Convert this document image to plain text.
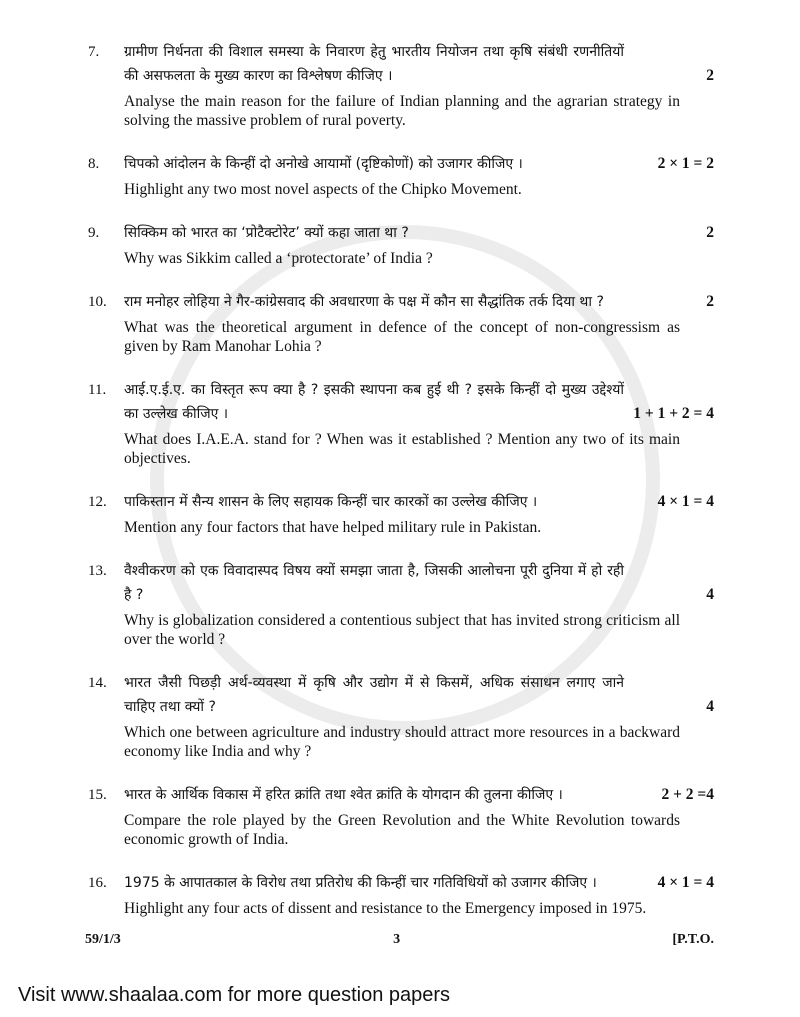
7.	ग्रामीण निर्धनता की विशाल समस्या के निवारण हेतु भारतीय नियोजन तथा कृषि संबंधी रणनीतियों की असफलता के मुख्य कारण का विश्लेषण कीजिए ।	2
Analyse the main reason for the failure of Indian planning and the agrarian strategy in solving the massive problem of rural poverty.
8.	चिपको आंदोलन के किन्हीं दो अनोखे आयामों (दृष्टिकोणों) को उजागर कीजिए ।	2 × 1 = 2
Highlight any two most novel aspects of the Chipko Movement.
9.	सिक्किम को भारत का ‘प्रोटैक्टोरेट’ क्यों कहा जाता था ?	2
Why was Sikkim called a ‘protectorate’ of India ?
10.	राम मनोहर लोहिया ने गैर-कांग्रेसवाद की अवधारणा के पक्ष में कौन सा सैद्धांतिक तर्क दिया था ?	2
What was the theoretical argument in defence of the concept of non-congressism as given by Ram Manohar Lohia ?
11.	आई.ए.ई.ए. का विस्तृत रूप क्या है ? इसकी स्थापना कब हुई थी ? इसके किन्हीं दो मुख्य उद्देश्यों का उल्लेख कीजिए ।	1 + 1 + 2 = 4
What does I.A.E.A. stand for ? When was it established ? Mention any two of its main objectives.
12.	पाकिस्तान में सैन्य शासन के लिए सहायक किन्हीं चार कारकों का उल्लेख कीजिए ।	4 × 1 = 4
Mention any four factors that have helped military rule in Pakistan.
13.	वैश्वीकरण को एक विवादास्पद विषय क्यों समझा जाता है, जिसकी आलोचना पूरी दुनिया में हो रही है ?	4
Why is globalization considered a contentious subject that has invited strong criticism all over the world ?
14.	भारत जैसी पिछड़ी अर्थ-व्यवस्था में कृषि और उद्योग में से किसमें, अधिक संसाधन लगाए जाने चाहिए तथा क्यों ?	4
Which one between agriculture and industry should attract more resources in a backward economy like India and why ?
15.	भारत के आर्थिक विकास में हरित क्रांति तथा श्वेत क्रांति के योगदान की तुलना कीजिए ।	2 + 2 =4
Compare the role played by the Green Revolution and the White Revolution towards economic growth of India.
16.	1975 के आपातकाल के विरोध तथा प्रतिरोध की किन्हीं चार गतिविधियों को उजागर कीजिए ।	4 × 1 = 4
Highlight any four acts of dissent and resistance to the Emergency imposed in 1975.
59/1/3	3	[P.T.O.
Visit www.shaalaa.com for more question papers
